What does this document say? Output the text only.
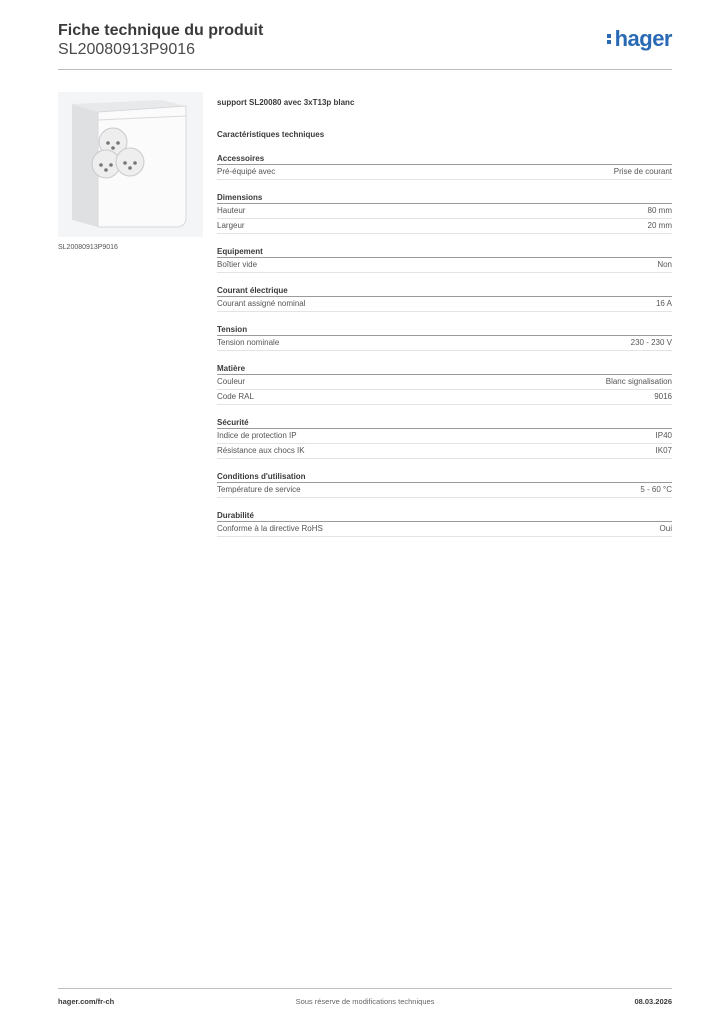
Fiche technique du produit
SL20080913P9016	hager
SL20080913P9016
support SL20080 avec 3xT13p blanc
Caractéristiques techniques
Accessoires
Pré-équipé avec	Prise de courant
Dimensions
Hauteur	80 mm
Largeur	20 mm
Equipement
Boîtier vide	Non
Courant électrique
Courant assigné nominal	16 A
Tension
Tension nominale	230 - 230 V
Matière
Couleur	Blanc signalisation
Code RAL	9016
Sécurité
Indice de protection IP	IP40
Résistance aux chocs IK	IK07
Conditions d'utilisation
Température de service	5 - 60 °C
Durabilité
Conforme à la directive RoHS	Oui
hager.com/fr-ch	Sous réserve de modifications techniques	08.03.2026
